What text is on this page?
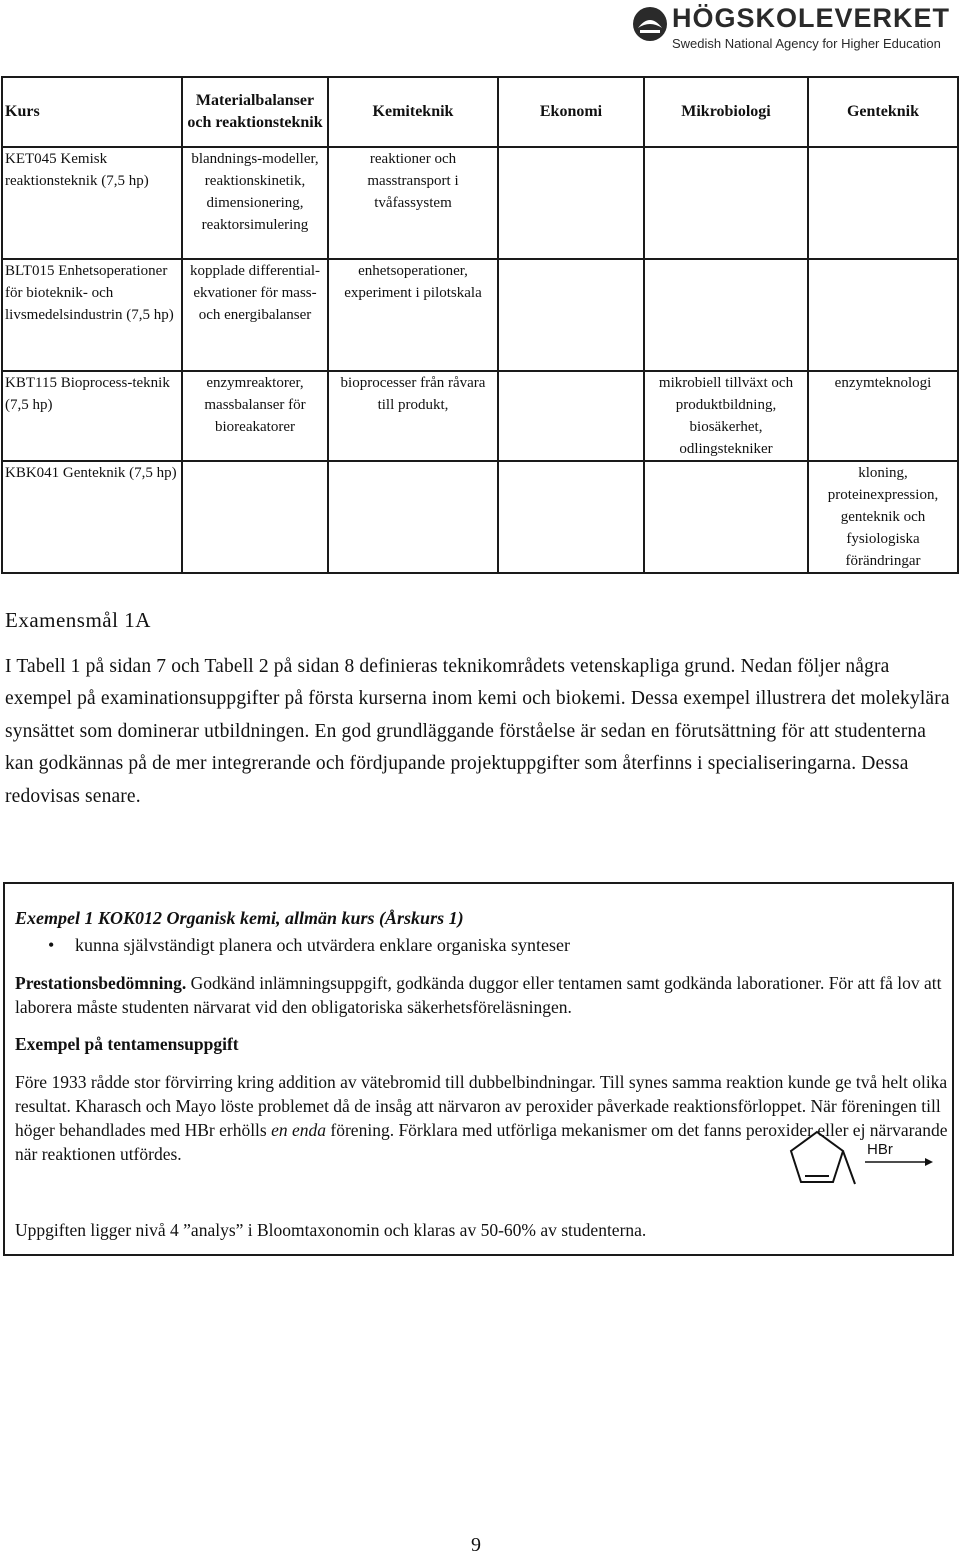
HÖGSKOLEVERKET
Swedish National Agency for Higher Education
Kurs	Materialbalanser och reaktionsteknik	Kemiteknik	Ekonomi	Mikrobiologi	Genteknik
KET045 Kemisk reaktionsteknik (7,5 hp)	blandnings-modeller, reaktionskinetik, dimensionering, reaktorsimulering	reaktioner och masstransport i tvåfassystem			
BLT015 Enhetsoperationer för bioteknik- och livsmedelsindustrin (7,5 hp)	kopplade differential-ekvationer för mass- och energibalanser	enhetsoperationer, experiment i pilotskala			
KBT115 Bioprocess-teknik (7,5 hp)	enzymreaktorer, massbalanser för bioreakatorer	bioprocesser från råvara till produkt,		mikrobiell tillväxt och produktbildning, biosäkerhet, odlingstekniker	enzymteknologi
KBK041 Genteknik (7,5 hp)					kloning, proteinexpression, genteknik och fysiologiska förändringar
Examensmål 1A
I Tabell 1 på sidan 7 och Tabell 2 på sidan 8 definieras teknikområdets vetenskapliga grund. Nedan följer några exempel på examinationsuppgifter på första kurserna inom kemi och biokemi. Dessa exempel illustrera det molekylära synsättet som dominerar utbildningen. En god grundläggande förståelse är sedan en förutsättning för att studenterna kan godkännas på de mer integrerande och fördjupande projektuppgifter som återfinns i specialiseringarna. Dessa redovisas senare.
Exempel 1 KOK012 Organisk kemi, allmän kurs (Årskurs 1)
• kunna självständigt planera och utvärdera enklare organiska synteser
Prestationsbedömning. Godkänd inlämningsuppgift, godkända duggor eller tentamen samt godkända laborationer. För att få lov att laborera måste studenten närvarat vid den obligatoriska säkerhetsföreläsningen.
Exempel på tentamensuppgift
Före 1933 rådde stor förvirring kring addition av vätebromid till dubbelbindningar. Till synes samma reaktion kunde ge två helt olika resultat. Kharasch och Mayo löste problemet då de insåg att närvaron av peroxider påverkade reaktionsförloppet. När föreningen till höger behandlades med HBr erhölls en enda förening. Förklara med utförliga mekanismer om det fanns peroxider eller ej närvarande när reaktionen utfördes.	HBr
Uppgiften ligger nivå 4 ”analys” i Bloomtaxonomin och klaras av 50-60% av studenterna.
9
